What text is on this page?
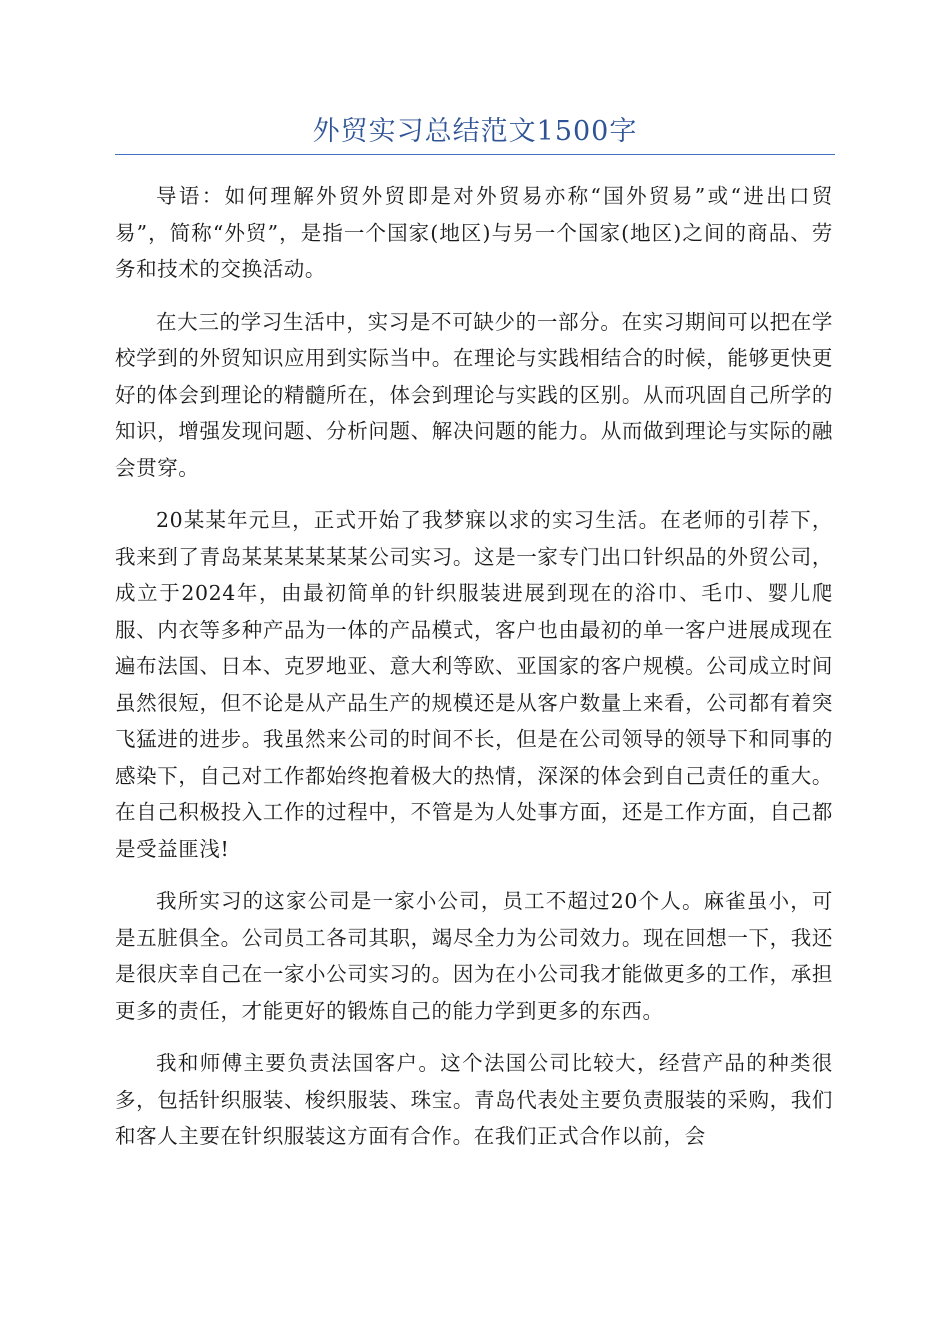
外贸实习总结范文1500字

导语：如何理解外贸外贸即是对外贸易亦称“国外贸易”或“进出口贸易”，简称“外贸”，是指一个国家(地区)与另一个国家(地区)之间的商品、劳务和技术的交换活动。

在大三的学习生活中，实习是不可缺少的一部分。在实习期间可以把在学校学到的外贸知识应用到实际当中。在理论与实践相结合的时候，能够更快更好的体会到理论的精髓所在，体会到理论与实践的区别。从而巩固自己所学的知识，增强发现问题、分析问题、解决问题的能力。从而做到理论与实际的融会贯穿。

20某某年元旦，正式开始了我梦寐以求的实习生活。在老师的引荐下，我来到了青岛某某某某某某公司实习。这是一家专门出口针织品的外贸公司，成立于2024年，由最初简单的针织服装进展到现在的浴巾、毛巾、婴儿爬服、内衣等多种产品为一体的产品模式，客户也由最初的单一客户进展成现在遍布法国、日本、克罗地亚、意大利等欧、亚国家的客户规模。公司成立时间虽然很短，但不论是从产品生产的规模还是从客户数量上来看，公司都有着突飞猛进的进步。我虽然来公司的时间不长，但是在公司领导的领导下和同事的感染下，自己对工作都始终抱着极大的热情，深深的体会到自己责任的重大。在自己积极投入工作的过程中，不管是为人处事方面，还是工作方面，自己都是受益匪浅!

我所实习的这家公司是一家小公司，员工不超过20个人。麻雀虽小，可是五脏俱全。公司员工各司其职，竭尽全力为公司效力。现在回想一下，我还是很庆幸自己在一家小公司实习的。因为在小公司我才能做更多的工作，承担更多的责任，才能更好的锻炼自己的能力学到更多的东西。

我和师傅主要负责法国客户。这个法国公司比较大，经营产品的种类很多，包括针织服装、梭织服装、珠宝。青岛代表处主要负责服装的采购，我们和客人主要在针织服装这方面有合作。在我们正式合作以前，会
